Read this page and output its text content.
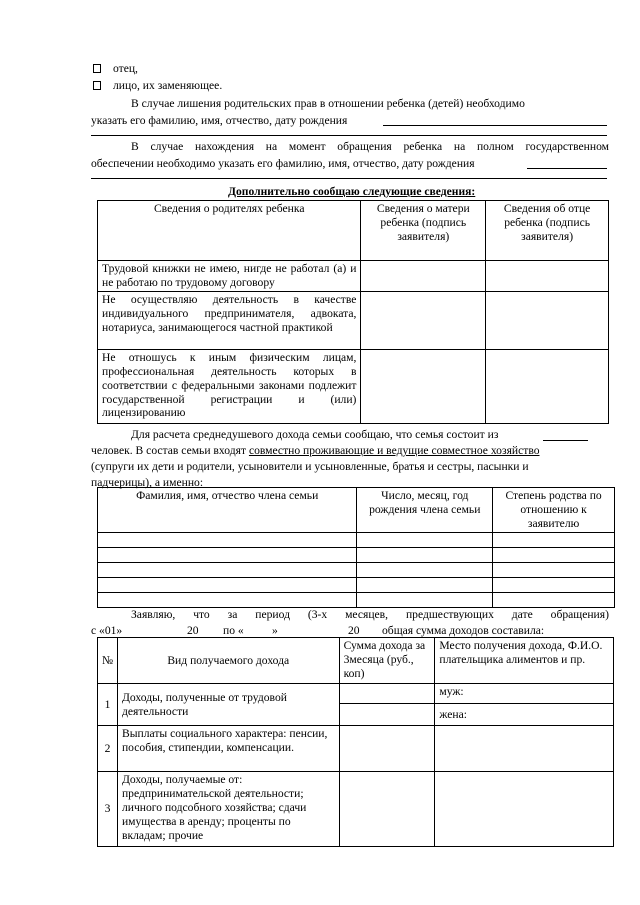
отец,
лицо, их заменяющее.
В случае лишения родительских прав в отношении ребенка (детей) необходимо
указать его фамилию, имя, отчество, дату рождения
В случае нахождения на момент обращения ребенка на полном государственном
обеспечении необходимо указать его фамилию, имя, отчество, дату рождения
Дополнительно сообщаю следующие сведения:
Сведения о родителях ребенка	Сведения о матери ребенка (подпись заявителя)	Сведения об отце ребенка (подпись заявителя)
Трудовой книжки не имею, нигде не работал (а) и не работаю по трудовому договору		
Не осуществляю деятельность в качестве индивидуального предпринимателя, адвоката, нотариуса, занимающегося частной практикой		
Не отношусь к иным физическим лицам, профессиональная деятельность которых в соответствии с федеральными законами подлежит государственной регистрации и (или) лицензированию		
Для расчета среднедушевого дохода семьи сообщаю, что семья состоит из
человек. В состав семьи входят совместно проживающие и ведущие совместное хозяйство
(супруги их дети и родители, усыновители и усыновленные, братья и сестры, пасынки и
падчерицы), а именно:
Фамилия, имя, отчество члена семьи	Число, месяц, год рождения члена семьи	Степень родства по отношению к заявителю

Заявляю, что за период (3-х месяцев, предшествующих дате обращения)
с «01»	20 по « »	20 общая сумма доходов составила:
№	Вид получаемого дохода	Сумма дохода за 3месяца (руб., коп)	Место получения дохода, Ф.И.О. плательщика алиментов и пр.
1	Доходы, полученные от трудовой деятельности		муж:
			жена:
2	Выплаты социального характера: пенсии, пособия, стипендии, компенсации.		
3	Доходы, получаемые от: предпринимательской деятельности; личного подсобного хозяйства; сдачи имущества в аренду; проценты по вкладам; прочие		
